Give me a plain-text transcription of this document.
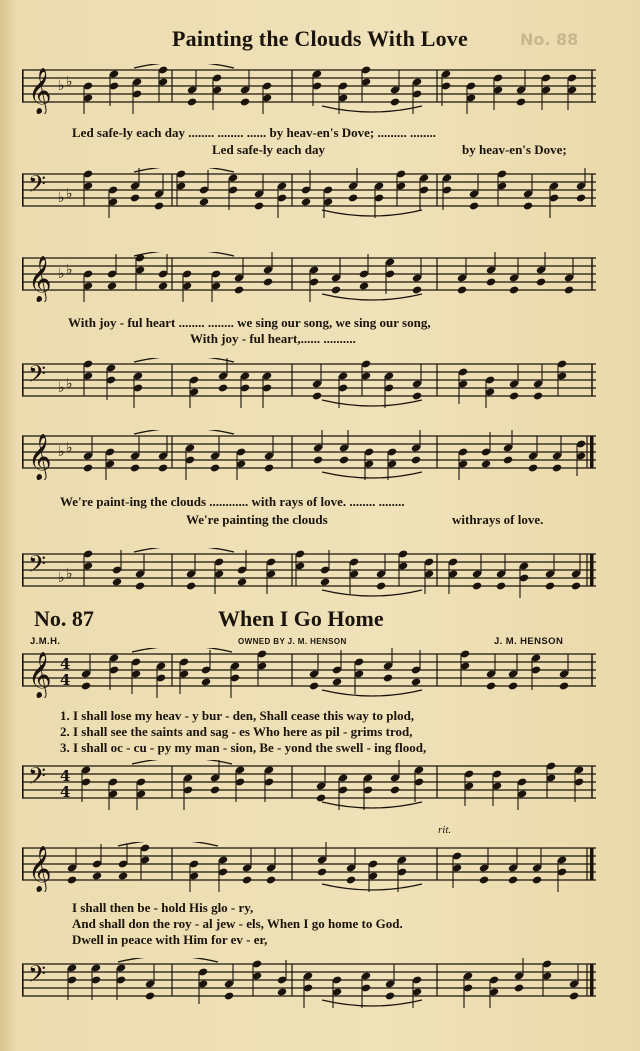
No. 88
Painting the Clouds With Love
𝄞 ♭ ♭
𝄢 ♭ ♭
𝄞 ♭ ♭
𝄢 ♭ ♭
𝄞 ♭ ♭
𝄢 ♭ ♭
Led safe-ly each day ........ ........ ...... by heav-en's Dove; ......... ........
Led safe-ly each day	by heav-en's Dove;
With joy - ful heart ........ ........ we sing our song, we sing our song,
With joy - ful heart,...... ..........
We're paint-ing the clouds ............ with rays of love. ........ ........
We're painting the clouds	withrays of love.
No. 87	When I Go Home
J.M.H.	OWNED BY J. M. HENSON	J. M. HENSON
𝄞 4
4
𝄢 4
4
1. I shall lose my heav - y bur - den, Shall cease this way to plod,
2. I shall see the saints and sag - es Who here as pil - grims trod,
3. I shall oc - cu - py my man - sion, Be - yond the swell - ing flood,
rit.
𝄞
𝄢
I shall then be - hold His glo - ry,
And shall don the roy - al jew - els, When I go home to God.
Dwell in peace with Him for ev - er,
